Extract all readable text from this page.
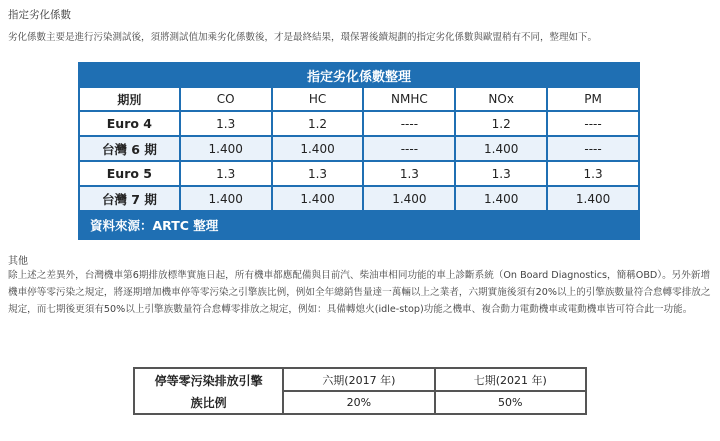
指定劣化係數
劣化係數主要是進行污染測試後，須將測試值加乘劣化係數後，才是最終結果，環保署後續規劃的指定劣化係數與歐盟稍有不同，整理如下。
指定劣化係數整理					
期別	CO	HC	NMHC	NOx	PM
Euro 4	1.3	1.2	----	1.2	----
台灣 6 期	1.400	1.400	----	1.400	----
Euro 5	1.3	1.3	1.3	1.3	1.3
台灣 7 期	1.400	1.400	1.400	1.400	1.400
資料來源：ARTC 整理					
其他
除上述之差異外，台灣機車第6期排放標準實施日起，所有機車都應配備與目前汽、柴油車相同功能的車上診斷系統（On Board Diagnostics，簡稱OBD）。另外新增機車停等零污染之規定，將逐期增加機車停等零污染之引擎族比例，例如全年總銷售量達一萬輛以上之業者，六期實施後須有20%以上的引擎族數量符合怠轉零排放之規定，而七期後更須有50%以上引擎族數量符合怠轉零排放之規定，例如：具備轉熄火(idle-stop)功能之機車、複合動力電動機車或電動機車皆可符合此一功能。
停等零污染排放引擎	六期(2017 年)	七期(2021 年)
族比例	20%	50%
